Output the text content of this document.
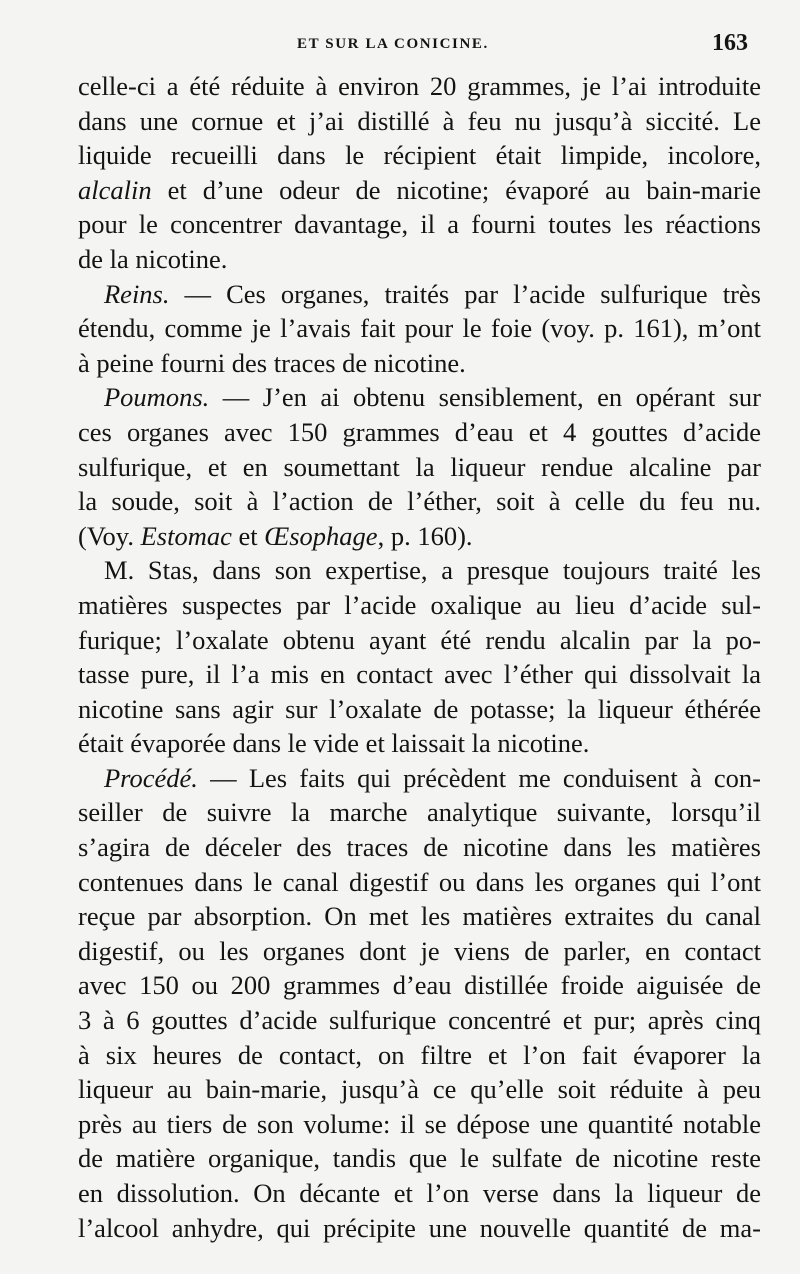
ET SUR LA CONICINE.	163
celle-ci a été réduite à environ 20 grammes, je l’ai introduite
dans une cornue et j’ai distillé à feu nu jusqu’à siccité. Le
liquide recueilli dans le récipient était limpide, incolore,
alcalin et d’une odeur de nicotine; évaporé au bain-marie
pour le concentrer davantage, il a fourni toutes les réactions
de la nicotine.
Reins. — Ces organes, traités par l’acide sulfurique très
étendu, comme je l’avais fait pour le foie (voy. p. 161), m’ont
à peine fourni des traces de nicotine.
Poumons. — J’en ai obtenu sensiblement, en opérant sur
ces organes avec 150 grammes d’eau et 4 gouttes d’acide
sulfurique, et en soumettant la liqueur rendue alcaline par
la soude, soit à l’action de l’éther, soit à celle du feu nu.
(Voy. Estomac et Œsophage, p. 160).
M. Stas, dans son expertise, a presque toujours traité les
matières suspectes par l’acide oxalique au lieu d’acide sul-
furique; l’oxalate obtenu ayant été rendu alcalin par la po-
tasse pure, il l’a mis en contact avec l’éther qui dissolvait la
nicotine sans agir sur l’oxalate de potasse; la liqueur éthérée
était évaporée dans le vide et laissait la nicotine.
Procédé. — Les faits qui précèdent me conduisent à con-
seiller de suivre la marche analytique suivante, lorsqu’il
s’agira de déceler des traces de nicotine dans les matières
contenues dans le canal digestif ou dans les organes qui l’ont
reçue par absorption. On met les matières extraites du canal
digestif, ou les organes dont je viens de parler, en contact
avec 150 ou 200 grammes d’eau distillée froide aiguisée de
3 à 6 gouttes d’acide sulfurique concentré et pur; après cinq
à six heures de contact, on filtre et l’on fait évaporer la
liqueur au bain-marie, jusqu’à ce qu’elle soit réduite à peu
près au tiers de son volume: il se dépose une quantité notable
de matière organique, tandis que le sulfate de nicotine reste
en dissolution. On décante et l’on verse dans la liqueur de
l’alcool anhydre, qui précipite une nouvelle quantité de ma-
